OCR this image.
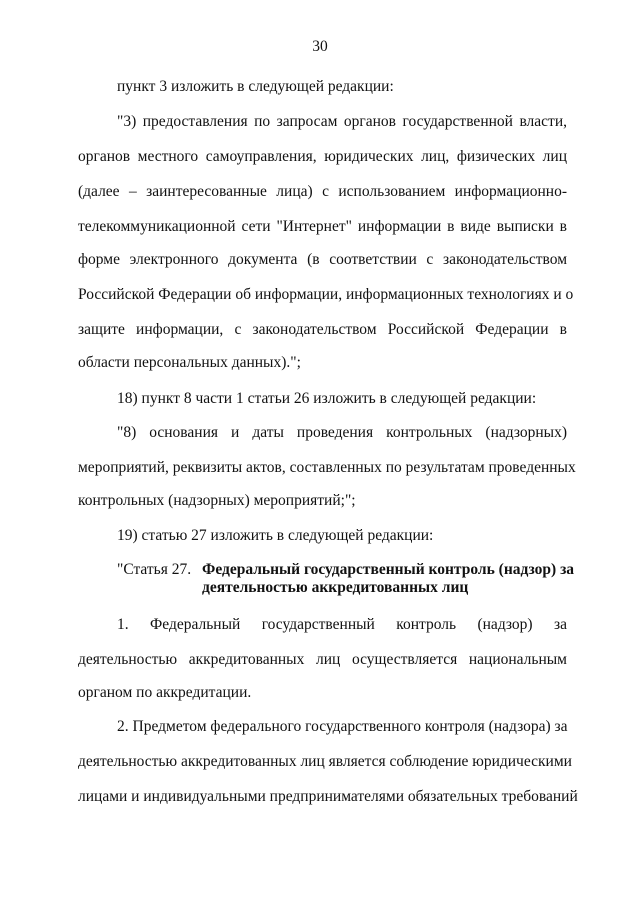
30
пункт 3 изложить в следующей редакции:
"3) предоставления по запросам органов государственной власти,
органов местного самоуправления, юридических лиц, физических лиц
(далее – заинтересованные лица) с использованием информационно-
телекоммуникационной сети "Интернет" информации в виде выписки в
форме электронного документа (в соответствии с законодательством
Российской Федерации об информации, информационных технологиях и о
защите информации, с законодательством Российской Федерации в
области персональных данных).";
18) пункт 8 части 1 статьи 26 изложить в следующей редакции:
"8) основания и даты проведения контрольных (надзорных)
мероприятий, реквизиты актов, составленных по результатам проведенных
контрольных (надзорных) мероприятий;";
19) статью 27 изложить в следующей редакции:
"Статья 27. Федеральный государственный контроль (надзор) за
деятельностью аккредитованных лиц
1. Федеральный государственный контроль (надзор) за
деятельностью аккредитованных лиц осуществляется национальным
органом по аккредитации.
2. Предметом федерального государственного контроля (надзора) за
деятельностью аккредитованных лиц является соблюдение юридическими
лицами и индивидуальными предпринимателями обязательных требований
